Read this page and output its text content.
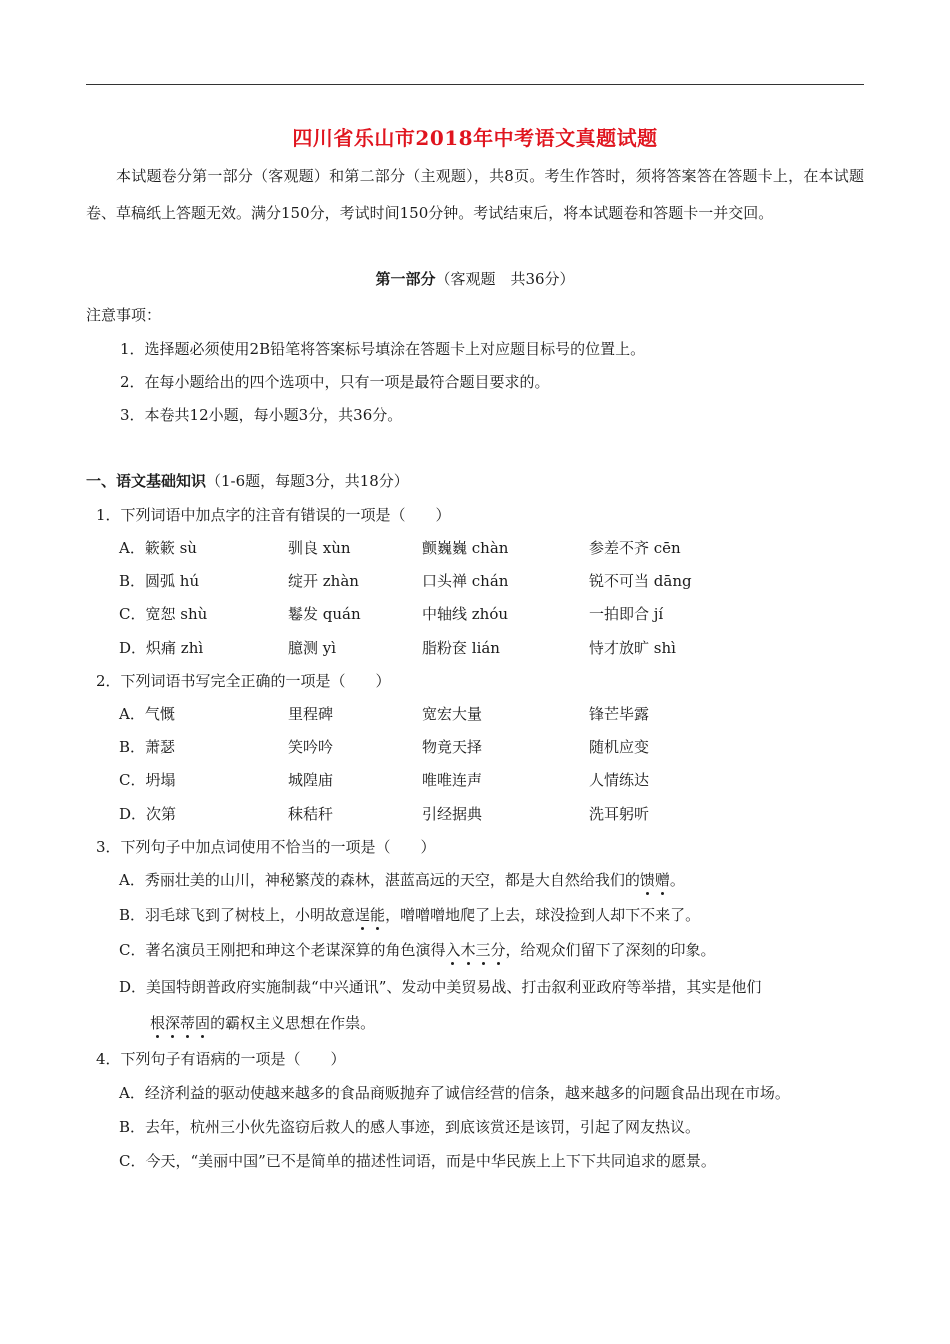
四川省乐山市2018年中考语文真题试题
本试题卷分第一部分（客观题）和第二部分（主观题），共8页。考生作答时，须将答案答在答题卡上，在本试题卷、草稿纸上答题无效。满分150分，考试时间150分钟。考试结束后，将本试题卷和答题卡一并交回。
第一部分（客观题　共36分）
注意事项：
1．选择题必须使用2B铅笔将答案标号填涂在答题卡上对应题目标号的位置上。
2．在每小题给出的四个选项中，只有一项是最符合题目要求的。
3．本卷共12小题，每小题3分，共36分。
一、语文基础知识（1-6题，每题3分，共18分）
1．下列词语中加点字的注音有错误的一项是（　　）
A．簌簌 sù	驯良 xùn	颤巍巍 chàn	参差不齐 cēn
B．圆弧 hú	绽开 zhàn	口头禅 chán	锐不可当 dāng
C．宽恕 shù	鬈发 quán	中轴线 zhóu	一拍即合 jí
D．炽痛 zhì	臆测 yì	脂粉奁 lián	恃才放旷 shì
2．下列词语书写完全正确的一项是（　　）
A．气慨	里程碑	宽宏大量	锋芒毕露
B．萧瑟	笑吟吟	物竟天择	随机应变
C．坍塌	城隍庙	唯唯连声	人情练达
D．次第	秣秸秆	引经据典	洗耳躬听
3．下列句子中加点词使用不恰当的一项是（　　）
A．秀丽壮美的山川，神秘繁茂的森林，湛蓝高远的天空，都是大自然给我们的馈赠。
B．羽毛球飞到了树枝上，小明故意逞能，噌噌噌地爬了上去，球没捡到人却下不来了。
C．著名演员王刚把和珅这个老谋深算的角色演得入木三分，给观众们留下了深刻的印象。
D．美国特朗普政府实施制裁“中兴通讯”、发动中美贸易战、打击叙利亚政府等举措，其实是他们
根深蒂固的霸权主义思想在作祟。
4．下列句子有语病的一项是（　　）
A．经济利益的驱动使越来越多的食品商贩抛弃了诚信经营的信条，越来越多的问题食品出现在市场。
B．去年，杭州三小伙先盗窃后救人的感人事迹，到底该赏还是该罚，引起了网友热议。
C．今天，“美丽中国”已不是简单的描述性词语，而是中华民族上上下下共同追求的愿景。
